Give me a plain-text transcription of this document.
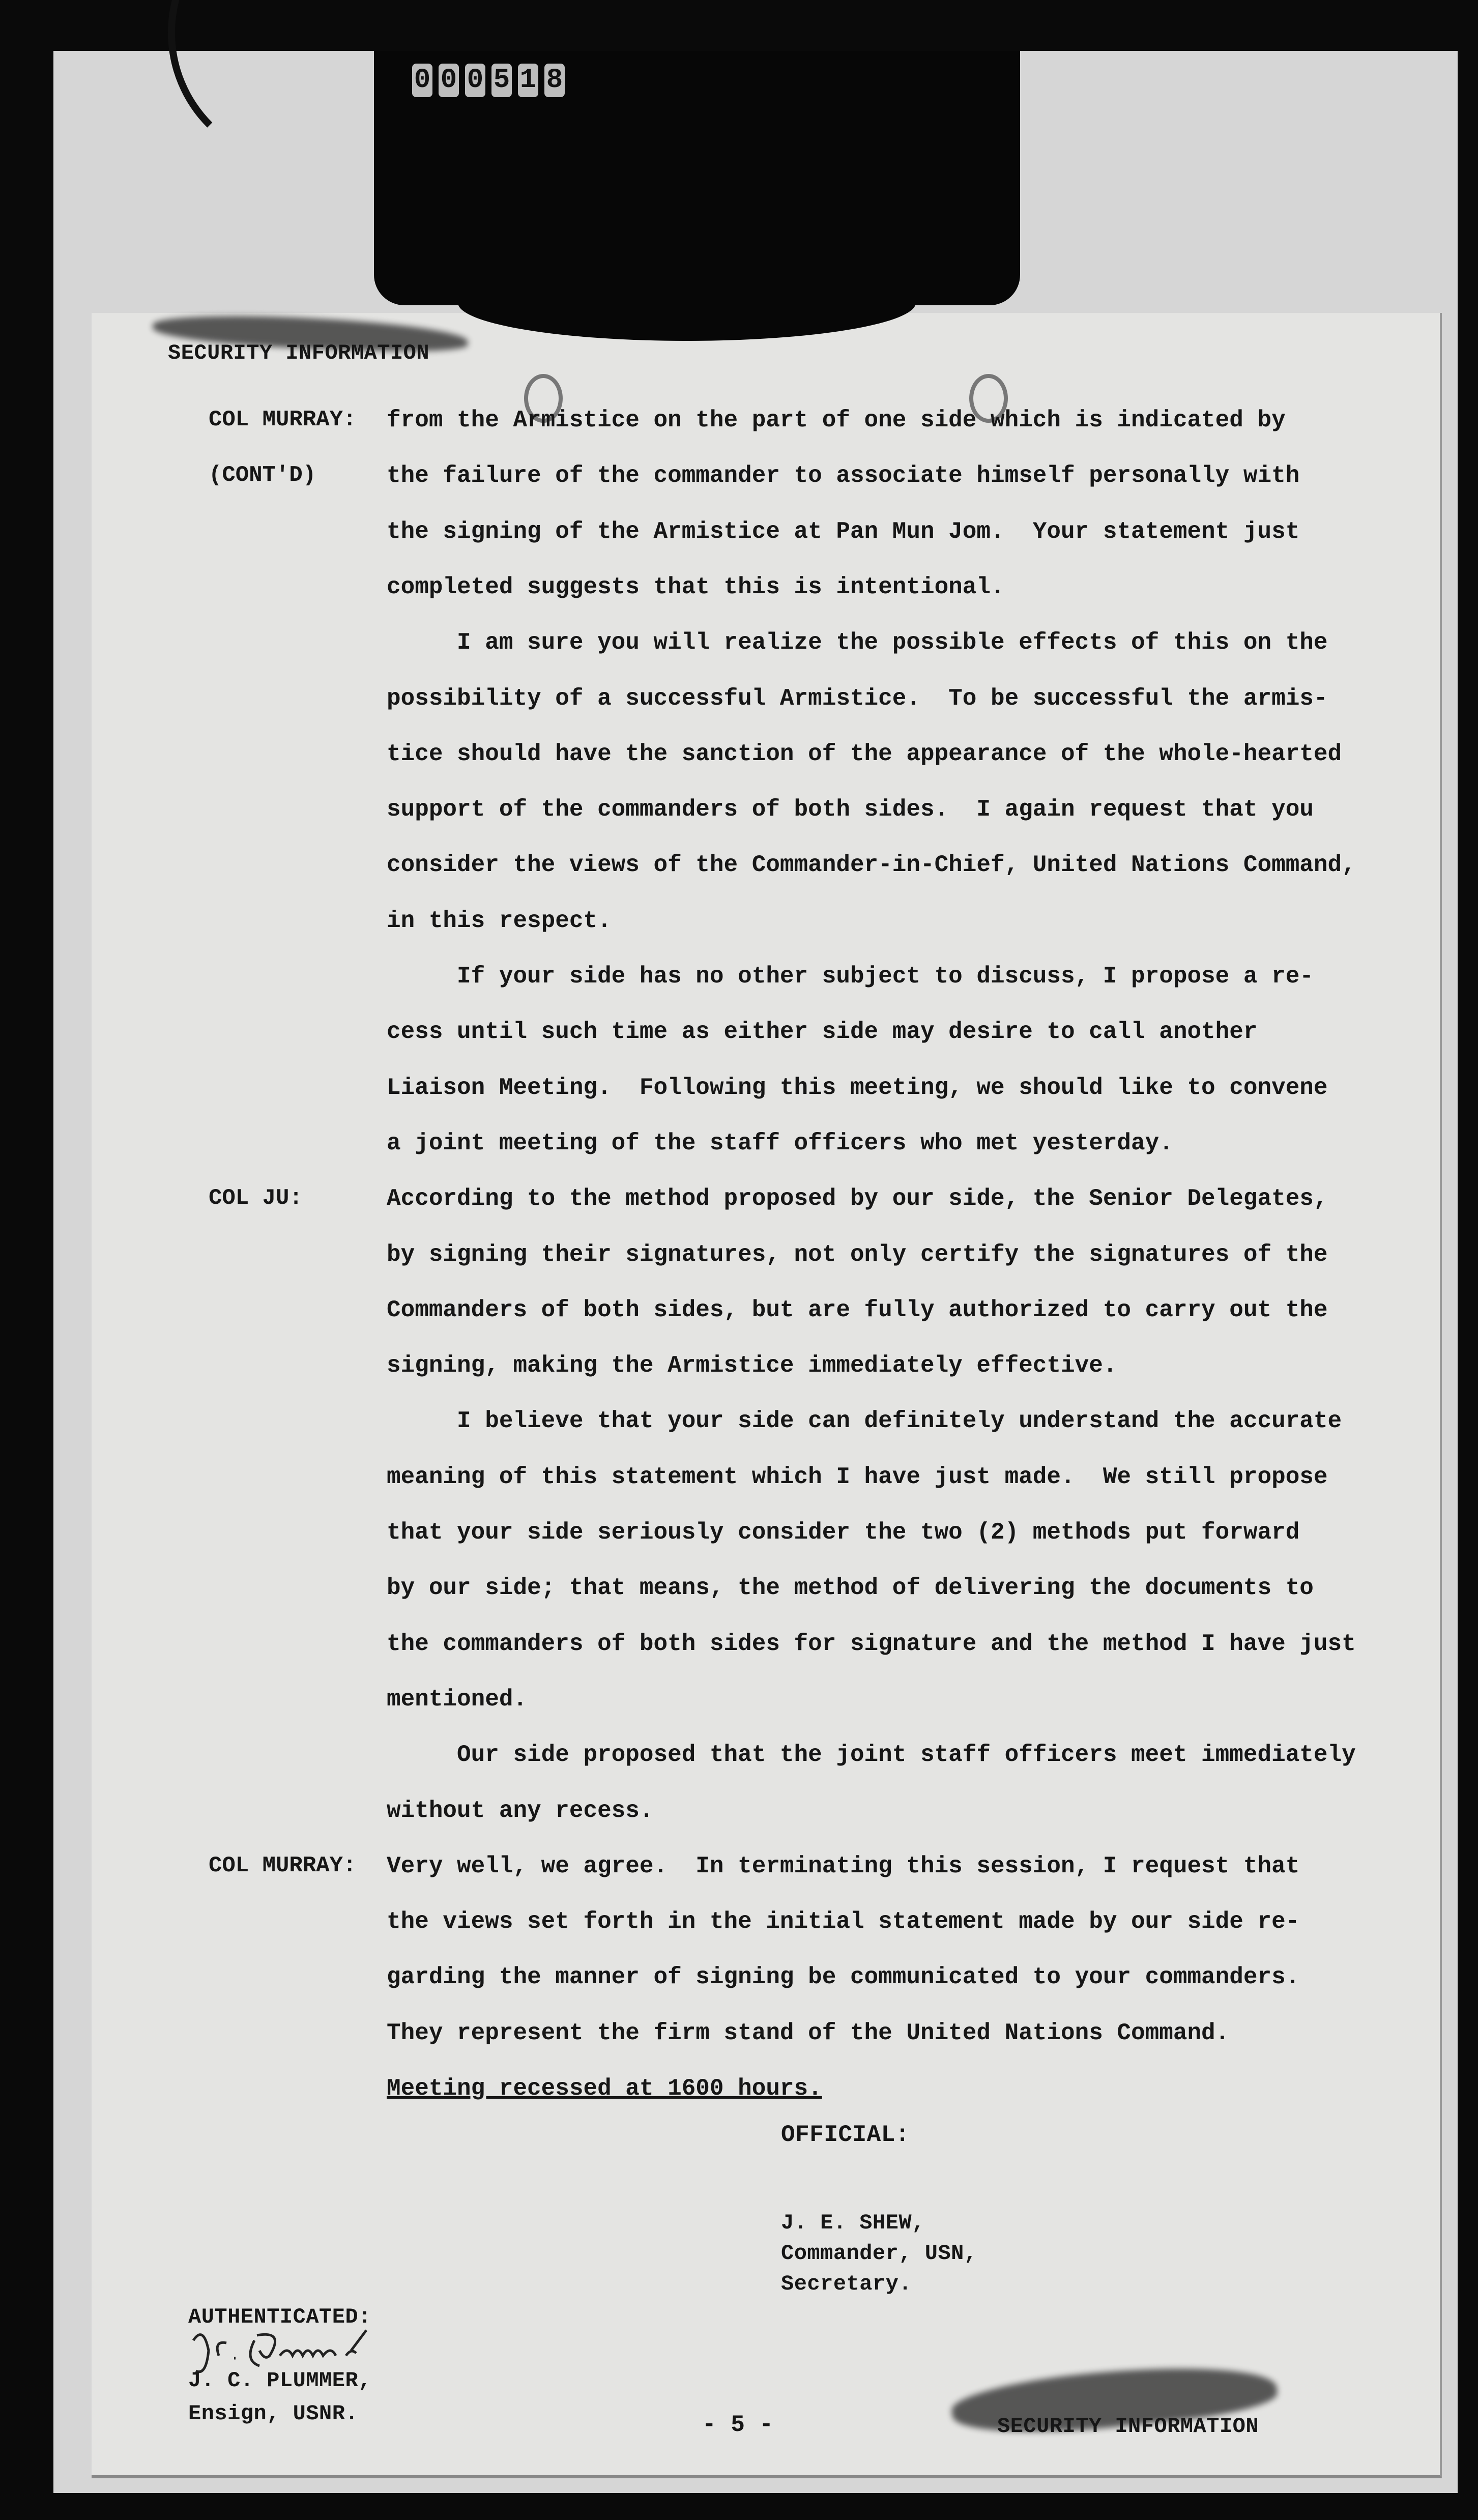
0 0 0 5 1 8
SECURITY INFORMATION
COL MURRAY: from the Armistice on the part of one side which is indicated by
(CONT'D)	the failure of the commander to associate himself personally with
the signing of the Armistice at Pan Mun Jom.  Your statement just
completed suggests that this is intentional.
I am sure you will realize the possible effects of this on the
possibility of a successful Armistice.  To be successful the armis-
tice should have the sanction of the appearance of the whole-hearted
support of the commanders of both sides.  I again request that you
consider the views of the Commander-in-Chief, United Nations Command,
in this respect.
If your side has no other subject to discuss, I propose a re-
cess until such time as either side may desire to call another
Liaison Meeting.  Following this meeting, we should like to convene
a joint meeting of the staff officers who met yesterday.
COL JU:	According to the method proposed by our side, the Senior Delegates,
by signing their signatures, not only certify the signatures of the
Commanders of both sides, but are fully authorized to carry out the
signing, making the Armistice immediately effective.
I believe that your side can definitely understand the accurate
meaning of this statement which I have just made.  We still propose
that your side seriously consider the two (2) methods put forward
by our side; that means, the method of delivering the documents to
the commanders of both sides for signature and the method I have just
mentioned.
Our side proposed that the joint staff officers meet immediately
without any recess.
COL MURRAY: Very well, we agree.  In terminating this session, I request that
the views set forth in the initial statement made by our side re-
garding the manner of signing be communicated to your commanders.
They represent the firm stand of the United Nations Command.
Meeting recessed at 1600 hours.
OFFICIAL:
J. E. SHEW,
Commander, USN,
Secretary.
AUTHENTICATED:
J. C. PLUMMER,
Ensign, USNR.	- 5 -	SECURITY INFORMATION
